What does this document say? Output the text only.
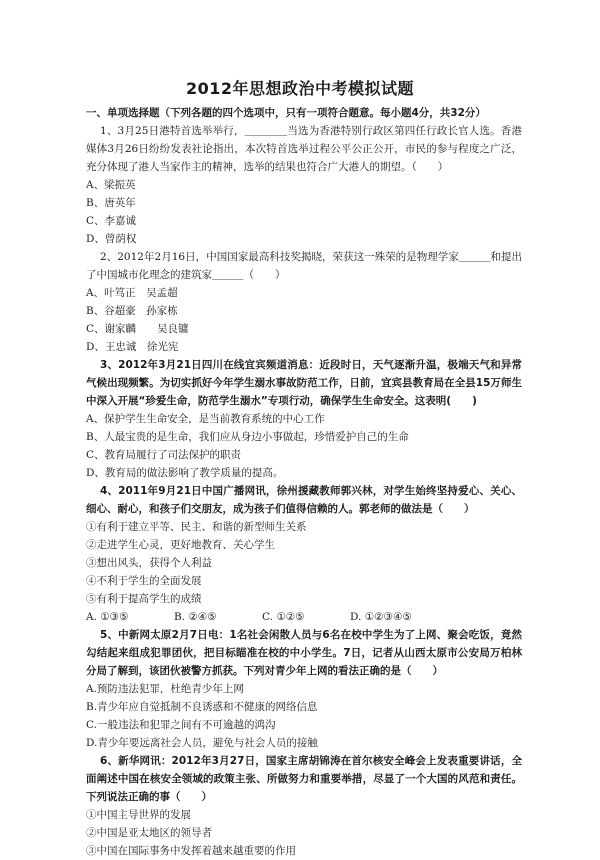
2012年思想政治中考模拟试题
一、单项选择题（下列各题的四个选项中，只有一项符合题意。每小题4分，共32分）
1、3月25日港特首选举举行，＿＿＿＿当选为香港特别行政区第四任行政长官人选。香港媒体3月26日纷纷发表社论指出，本次特首选举过程公平公正公开，市民的参与程度之广泛，充分体现了港人当家作主的精神，选举的结果也符合广大港人的期望。（　　）
A、梁振英
B、唐英年
C、李嘉诚
D、曾荫权
2、2012年2月16日，中国国家最高科技奖揭晓，荣获这一殊荣的是物理学家＿＿＿和提出了中国城市化理念的建筑家＿＿＿（　　）
A、叶笃正　吴孟超
B、谷超豪　孙家栋
C、谢家麟　　吴良镛
D、王忠诚　徐光宪
3、2012年3月21日四川在线宜宾频道消息：近段时日，天气逐渐升温，极端天气和异常气候出现频繁。为切实抓好今年学生溺水事故防范工作，日前，宜宾县教育局在全县15万师生中深入开展“珍爱生命，防范学生溺水”专项行动，确保学生生命安全。这表明(　　)
A、保护学生生命安全，是当前教育系统的中心工作
B、人最宝贵的是生命，我们应从身边小事做起，珍惜爱护自己的生命
C、教育局履行了司法保护的职责
D、教育局的做法影响了教学质量的提高。
4、2011年9月21日中国广播网讯，徐州援藏教师郭兴林，对学生始终坚持爱心、关心、细心、耐心，和孩子们交朋友，成为孩子们值得信赖的人。郭老师的做法是（　　）
①有利于建立平等、民主、和谐的新型师生关系
②走进学生心灵，更好地教育、关心学生
③想出风头，获得个人利益
④不利于学生的全面发展
⑤有利于提高学生的成绩
A. ①③⑤	B. ②④⑤	C. ①②⑤	D. ①②③④⑤
5、中新网太原2月7日电：1名社会闲散人员与6名在校中学生为了上网、聚会吃饭，竟然勾结起来组成犯罪团伙，把目标瞄准在校的中小学生。7日，记者从山西太原市公安局万柏林分局了解到，该团伙被警方抓获。下列对青少年上网的看法正确的是（　　）
A.预防违法犯罪，杜绝青少年上网
B.青少年应自觉抵制不良诱惑和不健康的网络信息
C.一般违法和犯罪之间有不可逾越的鸿沟
D.青少年要远离社会人员，避免与社会人员的接触
6、新华网讯：2012年3月27日，国家主席胡锦涛在首尔核安全峰会上发表重要讲话，全面阐述中国在核安全领域的政策主张、所做努力和重要举措，尽显了一个大国的风范和责任。下列说法正确的事（　　）
①中国主导世界的发展
②中国是亚太地区的领导者
③中国在国际事务中发挥着越来越重要的作用
